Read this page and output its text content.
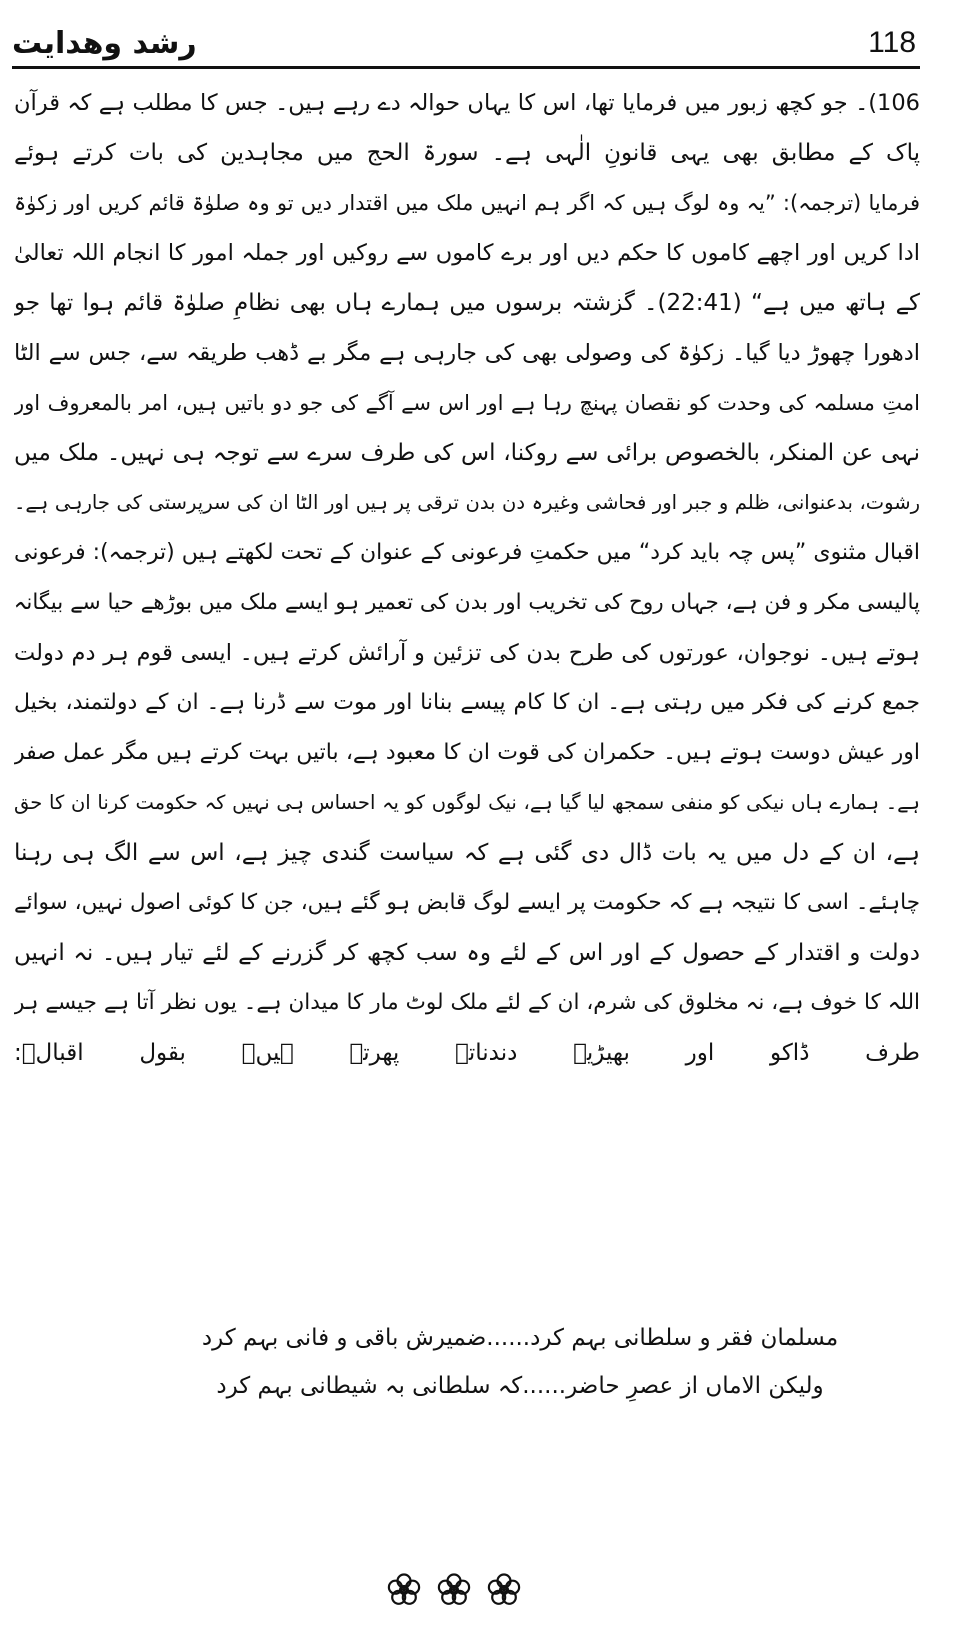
رشد وھدایت	118
106)۔ جو کچھ زبور میں فرمایا تھا، اس کا یہاں حوالہ دے رہے ہیں۔ جس کا مطلب ہے کہ قرآن
پاک کے مطابق بھی یہی قانونِ الٰہی ہے۔ سورۃ الحج میں مجاہدین کی بات کرتے ہوئے
فرمایا (ترجمہ): ”یہ وہ لوگ ہیں کہ اگر ہم انہیں ملک میں اقتدار دیں تو وہ صلوٰۃ قائم کریں اور زکوٰۃ
ادا کریں اور اچھے کاموں کا حکم دیں اور برے کاموں سے روکیں اور جملہ امور کا انجام اللہ تعالیٰ
کے ہاتھ میں ہے“ (22:41)۔ گزشتہ برسوں میں ہمارے ہاں بھی نظامِ صلوٰۃ قائم ہوا تھا جو
ادھورا چھوڑ دیا گیا۔ زکوٰۃ کی وصولی بھی کی جارہی ہے مگر بے ڈھب طریقہ سے، جس سے الٹا
امتِ مسلمہ کی وحدت کو نقصان پہنچ رہا ہے اور اس سے آگے کی جو دو باتیں ہیں، امر بالمعروف اور
نہی عن المنکر، بالخصوص برائی سے روکنا، اس کی طرف سرے سے توجہ ہی نہیں۔ ملک میں
رشوت، بدعنوانی، ظلم و جبر اور فحاشی وغیرہ دن بدن ترقی پر ہیں اور الٹا ان کی سرپرستی کی جارہی ہے۔
اقبال مثنوی ”پس چہ باید کرد“ میں حکمتِ فرعونی کے عنوان کے تحت لکھتے ہیں (ترجمہ): فرعونی
پالیسی مکر و فن ہے، جہاں روح کی تخریب اور بدن کی تعمیر ہو ایسے ملک میں بوڑھے حیا سے بیگانہ
ہوتے ہیں۔ نوجوان، عورتوں کی طرح بدن کی تزئین و آرائش کرتے ہیں۔ ایسی قوم ہر دم دولت
جمع کرنے کی فکر میں رہتی ہے۔ ان کا کام پیسے بنانا اور موت سے ڈرنا ہے۔ ان کے دولتمند، بخیل
اور عیش دوست ہوتے ہیں۔ حکمران کی قوت ان کا معبود ہے، باتیں بہت کرتے ہیں مگر عمل صفر
ہے۔ ہمارے ہاں نیکی کو منفی سمجھ لیا گیا ہے، نیک لوگوں کو یہ احساس ہی نہیں کہ حکومت کرنا ان کا حق
ہے، ان کے دل میں یہ بات ڈال دی گئی ہے کہ سیاست گندی چیز ہے، اس سے الگ ہی رہنا
چاہئے۔ اسی کا نتیجہ ہے کہ حکومت پر ایسے لوگ قابض ہو گئے ہیں، جن کا کوئی اصول نہیں، سوائے
دولت و اقتدار کے حصول کے اور اس کے لئے وہ سب کچھ کر گزرنے کے لئے تیار ہیں۔ نہ انہیں
اللہ کا خوف ہے، نہ مخلوق کی شرم، ان کے لئے ملک لوٹ مار کا میدان ہے۔ یوں نظر آتا ہے جیسے ہر
طرف ڈاکو اور بھیڑیے دندناتے پھرتے ہیں۔ بقول اقبالؒ:
مسلمان فقر و سلطانی بہم کرد......ضمیرش باقی و فانی بہم کرد
ولیکن الاماں از عصرِ حاضر......کہ سلطانی بہ شیطانی بہم کرد
